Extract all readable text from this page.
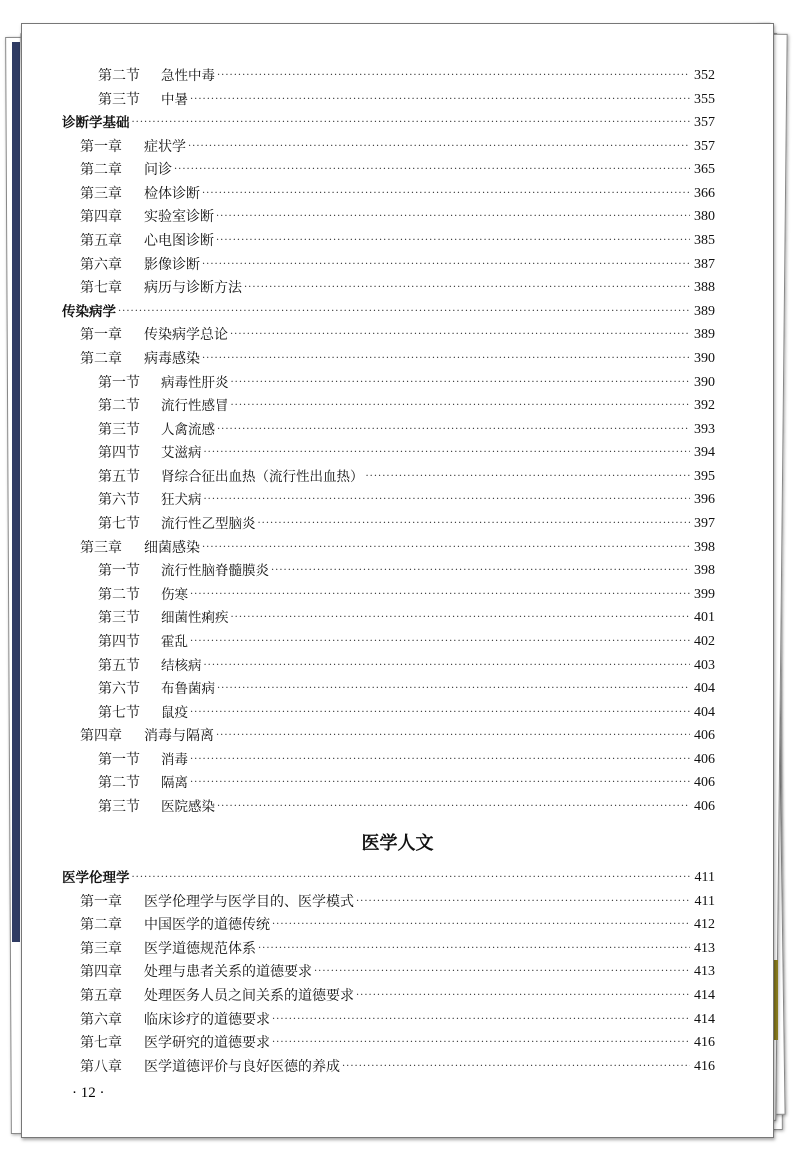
医学人文
· 12 ·
第二节	急性中毒 ·····	352
第三节	中暑 ·····	355
诊断学基础 ·····	357
第一章	症状学 ·····	357
第二章	问诊 ·····	365
第三章	检体诊断 ·····	366
第四章	实验室诊断 ·····	380
第五章	心电图诊断 ·····	385
第六章	影像诊断 ·····	387
第七章	病历与诊断方法 ·····	388
传染病学 ·····	389
第一章	传染病学总论 ·····	389
第二章	病毒感染 ·····	390
第一节	病毒性肝炎 ·····	390
第二节	流行性感冒 ·····	392
第三节	人禽流感 ·····	393
第四节	艾滋病 ·····	394
第五节	肾综合征出血热（流行性出血热） ·····	395
第六节	狂犬病 ·····	396
第七节	流行性乙型脑炎 ·····	397
第三章	细菌感染 ·····	398
第一节	流行性脑脊髓膜炎 ·····	398
第二节	伤寒 ·····	399
第三节	细菌性痢疾 ·····	401
第四节	霍乱 ·····	402
第五节	结核病 ·····	403
第六节	布鲁菌病 ·····	404
第七节	鼠疫 ·····	404
第四章	消毒与隔离 ·····	406
第一节	消毒 ·····	406
第二节	隔离 ·····	406
第三节	医院感染 ·····	406
医学伦理学 ·····	411
第一章	医学伦理学与医学目的、医学模式 ·····	411
第二章	中国医学的道德传统 ·····	412
第三章	医学道德规范体系 ·····	413
第四章	处理与患者关系的道德要求 ·····	413
第五章	处理医务人员之间关系的道德要求 ·····	414
第六章	临床诊疗的道德要求 ·····	414
第七章	医学研究的道德要求 ·····	416
第八章	医学道德评价与良好医德的养成 ·····	416
